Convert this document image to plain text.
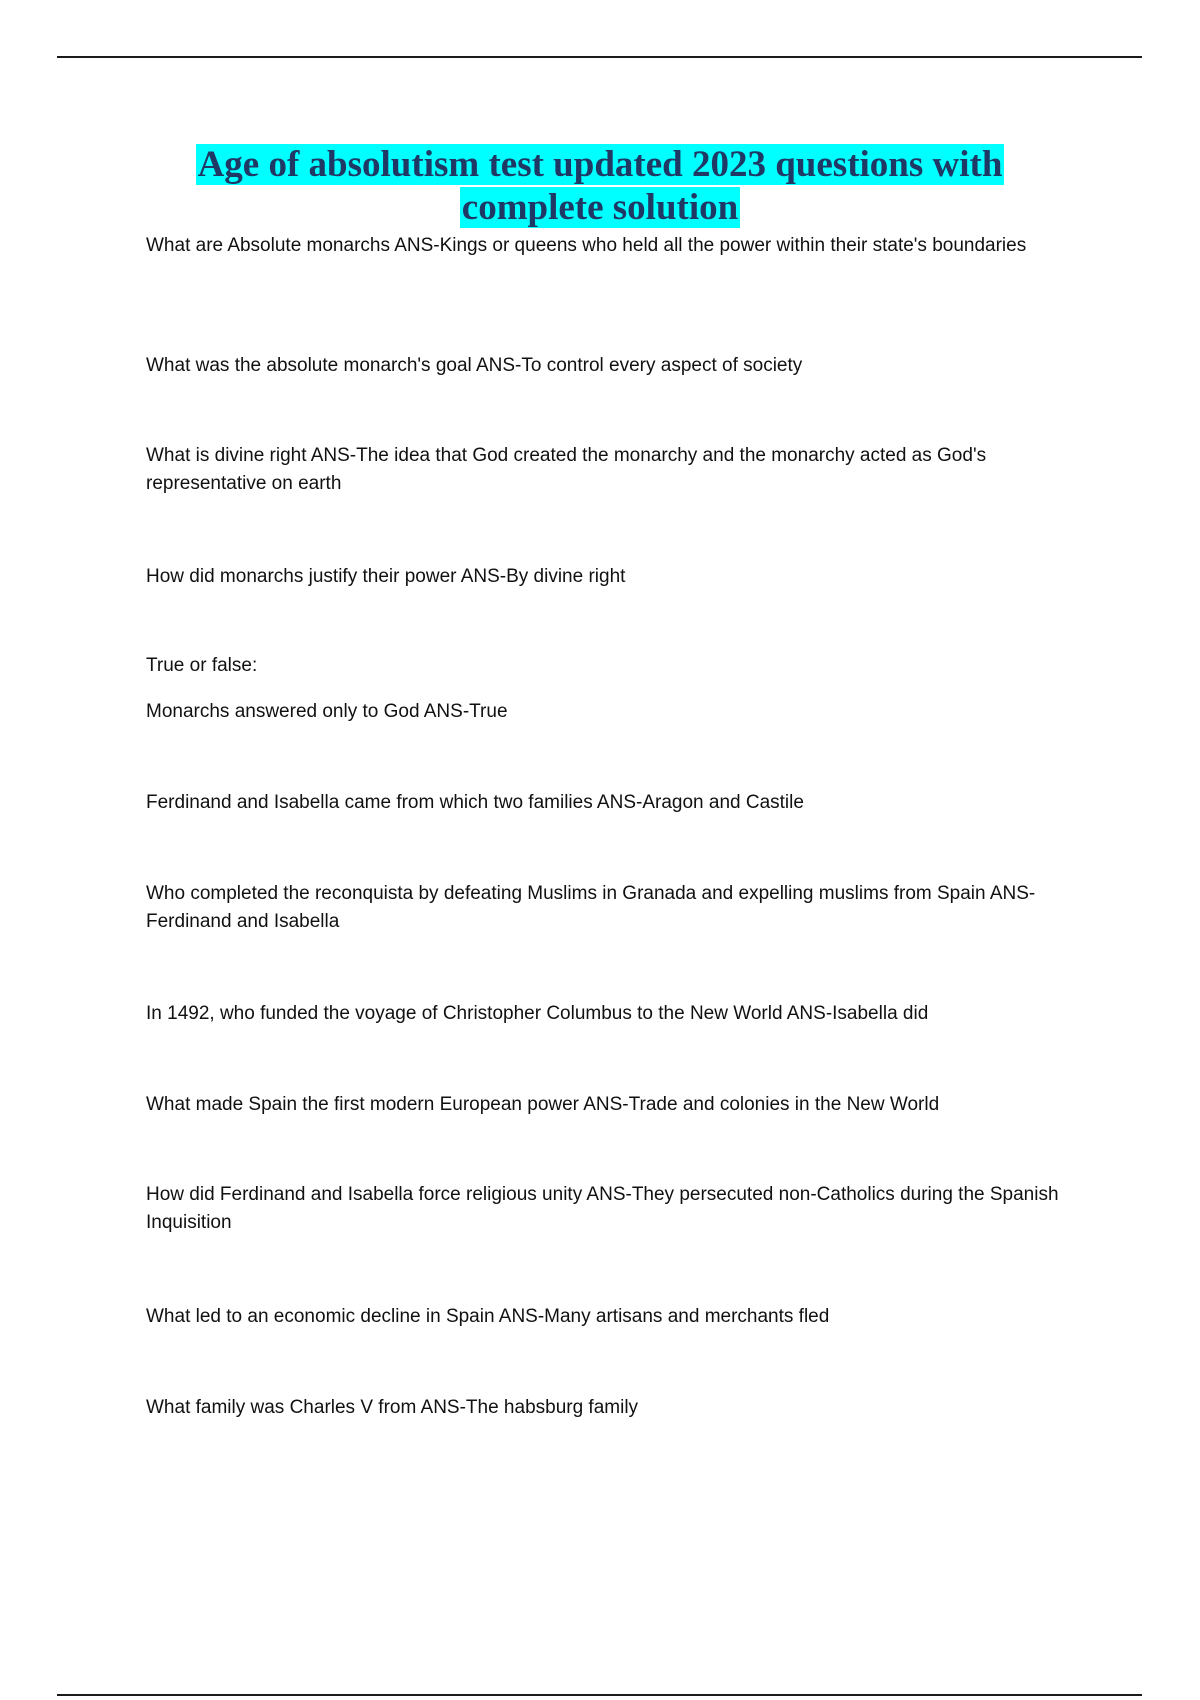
Age of absolutism test updated 2023 questions with
complete solution

What are Absolute monarchs ANS-Kings or queens who held all the power within their state's boundaries

What was the absolute monarch's goal ANS-To control every aspect of society

What is divine right ANS-The idea that God created the monarchy and the monarchy acted as God's representative on earth

How did monarchs justify their power ANS-By divine right

True or false:

Monarchs answered only to God ANS-True

Ferdinand and Isabella came from which two families ANS-Aragon and Castile

Who completed the reconquista by defeating Muslims in Granada and expelling muslims from Spain ANS-Ferdinand and Isabella

In 1492, who funded the voyage of Christopher Columbus to the New World ANS-Isabella did

What made Spain the first modern European power ANS-Trade and colonies in the New World

How did Ferdinand and Isabella force religious unity ANS-They persecuted non-Catholics during the Spanish Inquisition

What led to an economic decline in Spain ANS-Many artisans and merchants fled

What family was Charles V from ANS-The habsburg family
